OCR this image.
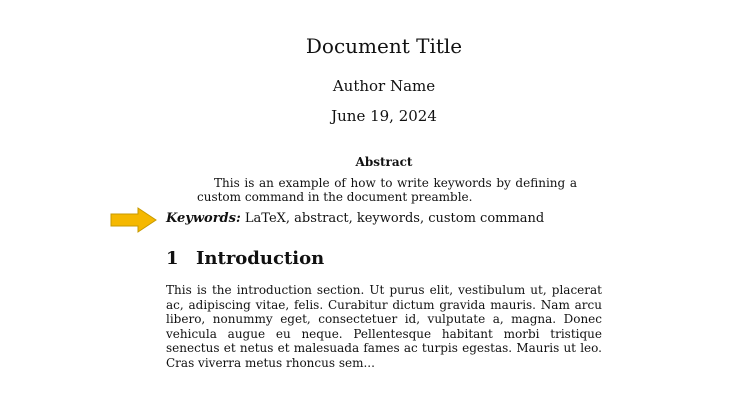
Document Title
Author Name
June 19, 2024
Abstract
This is an example of how to write keywords by defining a custom command in the document preamble.
Keywords: LaTeX, abstract, keywords, custom command
1 Introduction
This is the introduction section. Ut purus elit, vestibulum ut, placerat ac, adipiscing vitae, felis. Curabitur dictum gravida mauris. Nam arcu libero, nonummy eget, consectetuer id, vulputate a, magna. Donec vehicula augue eu neque. Pellentesque habitant morbi tristique senectus et netus et malesuada fames ac turpis egestas. Mauris ut leo. Cras viverra metus rhoncus sem...
